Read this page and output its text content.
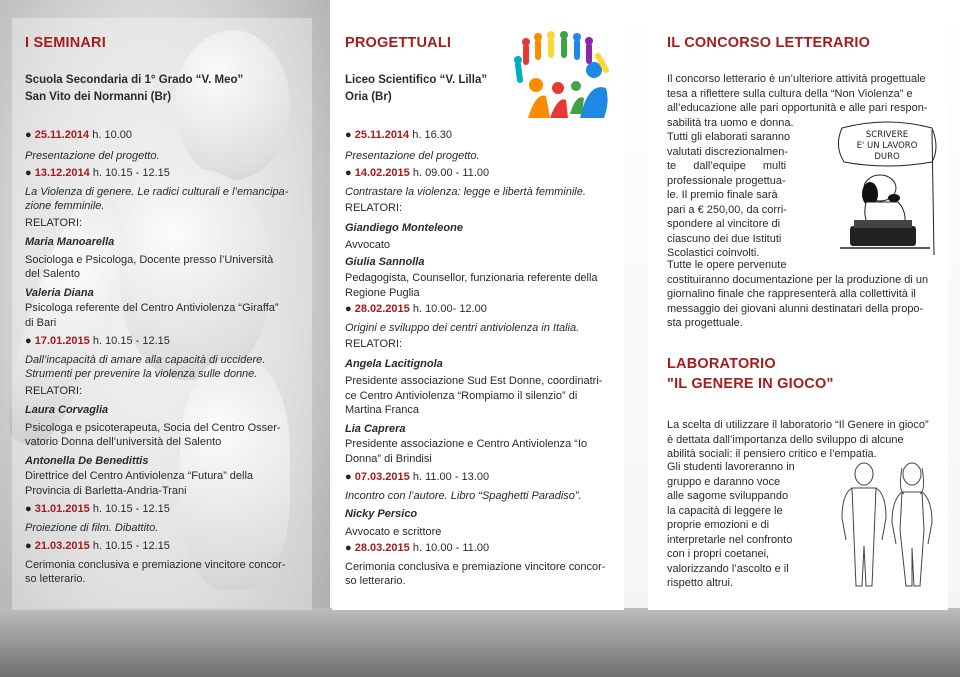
I SEMINARI
Scuola Secondaria di 1° Grado “V. Meo”
San Vito dei Normanni (Br)
● 25.11.2014 h. 10.00
Presentazione del progetto.
● 13.12.2014 h. 10.15 - 12.15
La Violenza di genere. Le radici culturali e l’emancipa-
zione femminile.
RELATORI:
Maria Manoarella
Sociologa e Psicologa, Docente presso l’Università
del Salento
Valeria Diana
Psicologa referente del Centro Antiviolenza “Giraffa”
di Bari
● 17.01.2015 h. 10.15 - 12.15
Dall’incapacità di amare alla capacità di uccidere.
Strumenti per prevenire la violenza sulle donne.
RELATORI:
Laura Corvaglia
Psicologa e psicoterapeuta, Socia del Centro Osser-
vatorio Donna dell’università del Salento
Antonella De Benedittis
Direttrice del Centro Antiviolenza “Futura” della
Provincia di Barletta-Andria-Trani
● 31.01.2015 h. 10.15 - 12.15
Proiezione di film. Dibattito.
● 21.03.2015 h. 10.15 - 12.15
Cerimonia conclusiva e premiazione vincitore concor-
so letterario.
PROGETTUALI
Liceo Scientifico “V. Lilla”
Oria (Br)
● 25.11.2014 h. 16.30
Presentazione del progetto.
● 14.02.2015 h. 09.00 - 11.00
Contrastare la violenza: legge e libertà femminile.
RELATORI:
Giandiego Monteleone
Avvocato
Giulia Sannolla
Pedagogista, Counsellor, funzionaria referente della
Regione Puglia
● 28.02.2015 h. 10.00- 12.00
Origini e sviluppo dei centri antiviolenza in Italia.
RELATORI:
Angela Lacitignola
Presidente associazione Sud Est Donne, coordinatri-
ce Centro Antiviolenza “Rompiamo il silenzio” di
Martina Franca
Lia Caprera
Presidente associazione e Centro Antiviolenza “Io
Donna” di Brindisi
● 07.03.2015 h. 11.00 - 13.00
Incontro con l’autore. Libro “Spaghetti Paradiso”.
Nicky Persico
Avvocato e scrittore
● 28.03.2015 h. 10.00 - 11.00
Cerimonia conclusiva e premiazione vincitore concor-
so letterario.
IL CONCORSO LETTERARIO
Il concorso letterario è un’ulteriore attività progettuale
tesa a riflettere sulla cultura della “Non Violenza” e
all’educazione alle pari opportunità e alle pari respon-
sabilità tra uomo e donna.
Tutti gli elaborati saranno
valutati discrezionalmen-
te dall’equipe multi
professionale progettua-
le. Il premio finale sarà
pari a € 250,00, da corri-
spondere al vincitore di
ciascuno dei due Istituti
Scolastici coinvolti.
SCRIVERE
E' UN LAVORO
DURO
Tutte le opere pervenute
costituiranno documentazione per la produzione di un
giornalino finale che rappresenterà alla collettività il
messaggio dei giovani alunni destinatari della propo-
sta progettuale.
LABORATORIO
"IL GENERE IN GIOCO"
La scelta di utilizzare il laboratorio “Il Genere in gioco”
è dettata dall’importanza dello sviluppo di alcune
abilità sociali: il pensiero critico e l’empatia.
Gli studenti lavoreranno in
gruppo e daranno voce
alle sagome sviluppando
la capacità di leggere le
proprie emozioni e di
interpretarle nel confronto
con i propri coetanei,
valorizzando l’ascolto e il
rispetto altrui.
